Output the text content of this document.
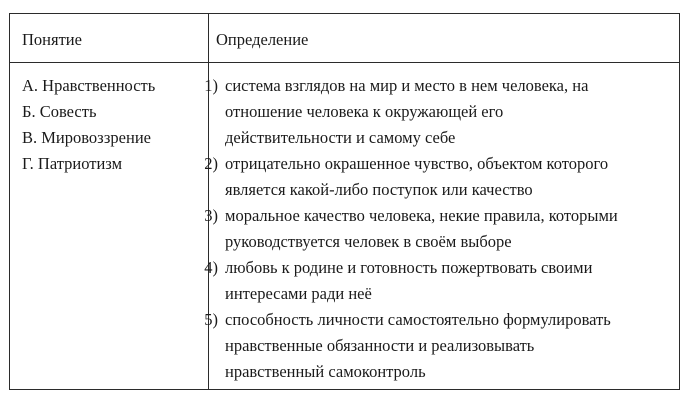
Понятие	Определение
А. Нравственность
Б. Совесть
В. Мировоззрение
Г. Патриотизм
1) система взглядов на мир и место в нем человека, на
отношение человека к окружающей его
действительности и самому себе
2) отрицательно окрашенное чувство, объектом которого
является какой-либо поступок или качество
3) моральное качество человека, некие правила, которыми
руководствуется человек в своём выборе
4) любовь к родине и готовность пожертвовать своими
интересами ради неё
5) способность личности самостоятельно формулировать
нравственные обязанности и реализовывать
нравственный самоконтроль
